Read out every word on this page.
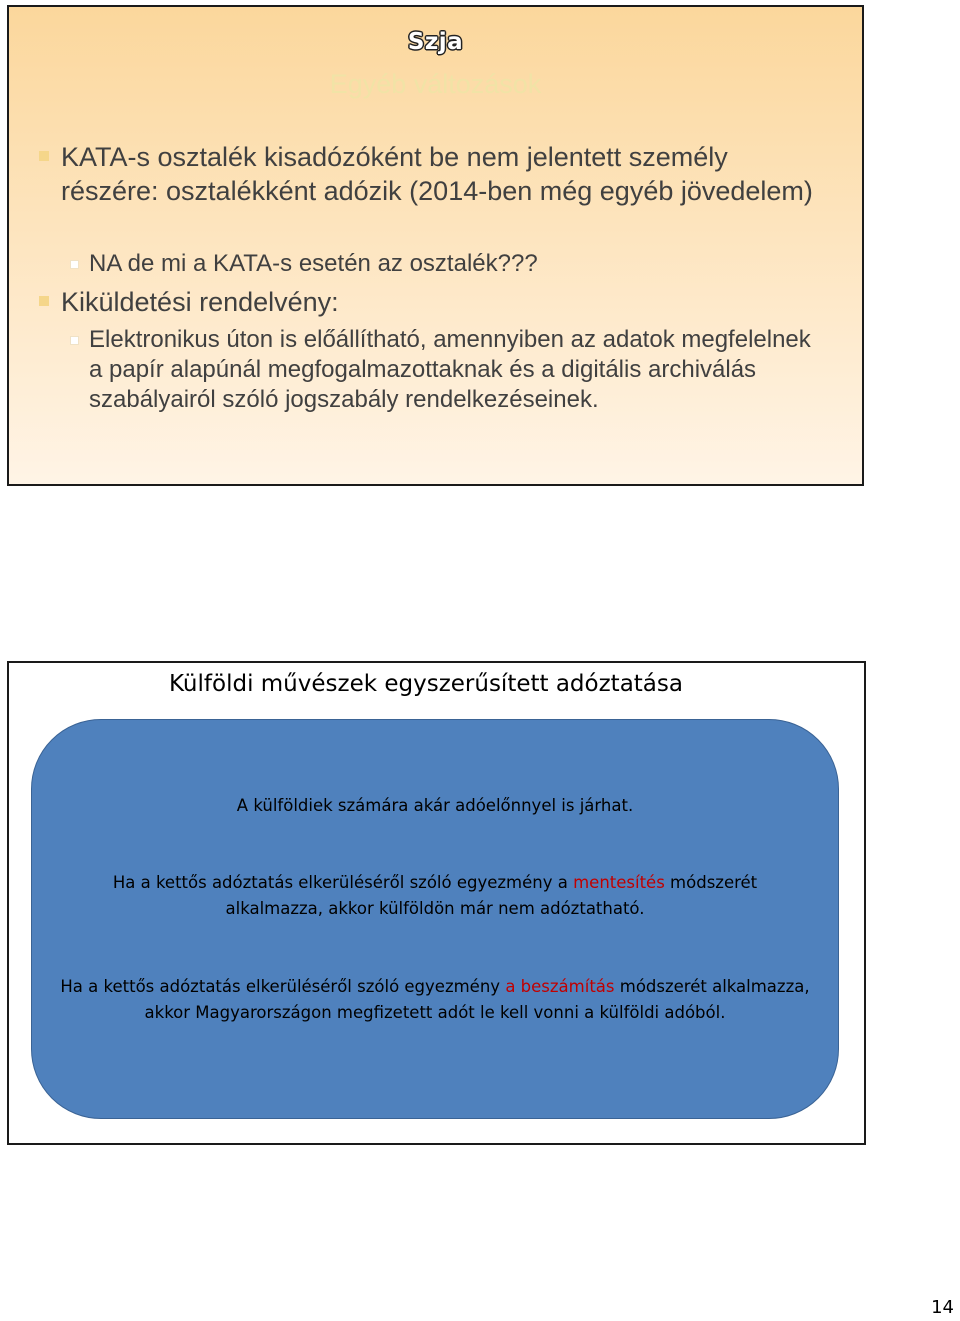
Szja
Egyéb változások
KATA-s osztalék kisadózóként be nem jelentett személy részére: osztalékként adózik (2014-ben még egyéb jövedelem)
NA de mi a KATA-s esetén az osztalék???
Kiküldetési rendelvény:
Elektronikus úton is előállítható, amennyiben az adatok megfelelnek a papír alapúnál megfogalmazottaknak és a digitális archiválás szabályairól szóló jogszabály rendelkezéseinek.
Külföldi művészek egyszerűsített adóztatása
A külföldiek számára akár adóelőnnyel is járhat.
Ha a kettős adóztatás elkerüléséről szóló egyezmény a mentesítés módszerét alkalmazza, akkor külföldön már nem adóztatható.
Ha a kettős adóztatás elkerüléséről szóló egyezmény a beszámítás módszerét alkalmazza, akkor Magyarországon megfizetett adót le kell vonni a külföldi adóból.
14
